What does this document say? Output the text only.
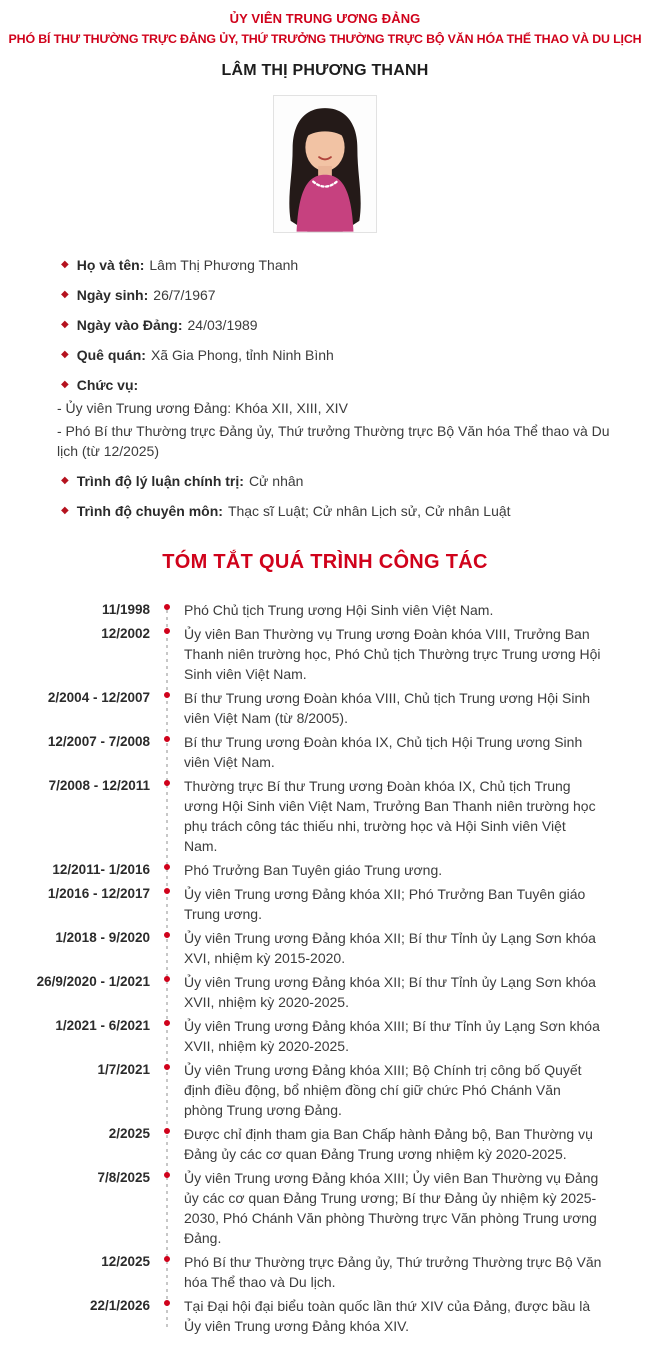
ỦY VIÊN TRUNG ƯƠNG ĐẢNG
PHÓ BÍ THƯ THƯỜNG TRỰC ĐẢNG ỦY, THỨ TRƯỞNG THƯỜNG TRỰC BỘ VĂN HÓA THỂ THAO VÀ DU LỊCH
LÂM THỊ PHƯƠNG THANH
◆ Họ và tên: Lâm Thị Phương Thanh

◆ Ngày sinh: 26/7/1967

◆ Ngày vào Đảng: 24/03/1989

◆ Quê quán: Xã Gia Phong, tỉnh Ninh Bình

◆ Chức vụ:

- Ủy viên Trung ương Đảng: Khóa XII, XIII, XIV

- Phó Bí thư Thường trực Đảng ủy, Thứ trưởng Thường trực Bộ Văn hóa Thể thao và Du lịch (từ 12/2025)

◆ Trình độ lý luận chính trị: Cử nhân

◆ Trình độ chuyên môn: Thạc sĩ Luật; Cử nhân Lịch sử, Cử nhân Luật

TÓM TẮT QUÁ TRÌNH CÔNG TÁC
11/1998 Phó Chủ tịch Trung ương Hội Sinh viên Việt Nam.
12/2002 Ủy viên Ban Thường vụ Trung ương Đoàn khóa VIII, Trưởng Ban Thanh niên trường học, Phó Chủ tịch Thường trực Trung ương Hội Sinh viên Việt Nam.
2/2004 - 12/2007 Bí thư Trung ương Đoàn khóa VIII, Chủ tịch Trung ương Hội Sinh viên Việt Nam (từ 8/2005).
12/2007 - 7/2008 Bí thư Trung ương Đoàn khóa IX, Chủ tịch Hội Trung ương Sinh viên Việt Nam.
7/2008 - 12/2011 Thường trực Bí thư Trung ương Đoàn khóa IX, Chủ tịch Trung ương Hội Sinh viên Việt Nam, Trưởng Ban Thanh niên trường học phụ trách công tác thiếu nhi, trường học và Hội Sinh viên Việt Nam.
12/2011- 1/2016 Phó Trưởng Ban Tuyên giáo Trung ương.
1/2016 - 12/2017 Ủy viên Trung ương Đảng khóa XII; Phó Trưởng Ban Tuyên giáo Trung ương.
1/2018 - 9/2020 Ủy viên Trung ương Đảng khóa XII; Bí thư Tỉnh ủy Lạng Sơn khóa XVI, nhiệm kỳ 2015-2020.
26/9/2020 - 1/2021 Ủy viên Trung ương Đảng khóa XII; Bí thư Tỉnh ủy Lạng Sơn khóa XVII, nhiệm kỳ 2020-2025.
1/2021 - 6/2021 Ủy viên Trung ương Đảng khóa XIII; Bí thư Tỉnh ủy Lạng Sơn khóa XVII, nhiệm kỳ 2020-2025.
1/7/2021 Ủy viên Trung ương Đảng khóa XIII; Bộ Chính trị công bố Quyết định điều động, bổ nhiệm đồng chí giữ chức Phó Chánh Văn phòng Trung ương Đảng.
2/2025 Được chỉ định tham gia Ban Chấp hành Đảng bộ, Ban Thường vụ Đảng ủy các cơ quan Đảng Trung ương nhiệm kỳ 2020-2025.
7/8/2025 Ủy viên Trung ương Đảng khóa XIII; Ủy viên Ban Thường vụ Đảng ủy các cơ quan Đảng Trung ương; Bí thư Đảng ủy nhiệm kỳ 2025-2030, Phó Chánh Văn phòng Thường trực Văn phòng Trung ương Đảng.
12/2025 Phó Bí thư Thường trực Đảng ủy, Thứ trưởng Thường trực Bộ Văn hóa Thể thao và Du lịch.
22/1/2026 Tại Đại hội đại biểu toàn quốc lần thứ XIV của Đảng, được bầu là Ủy viên Trung ương Đảng khóa XIV.
